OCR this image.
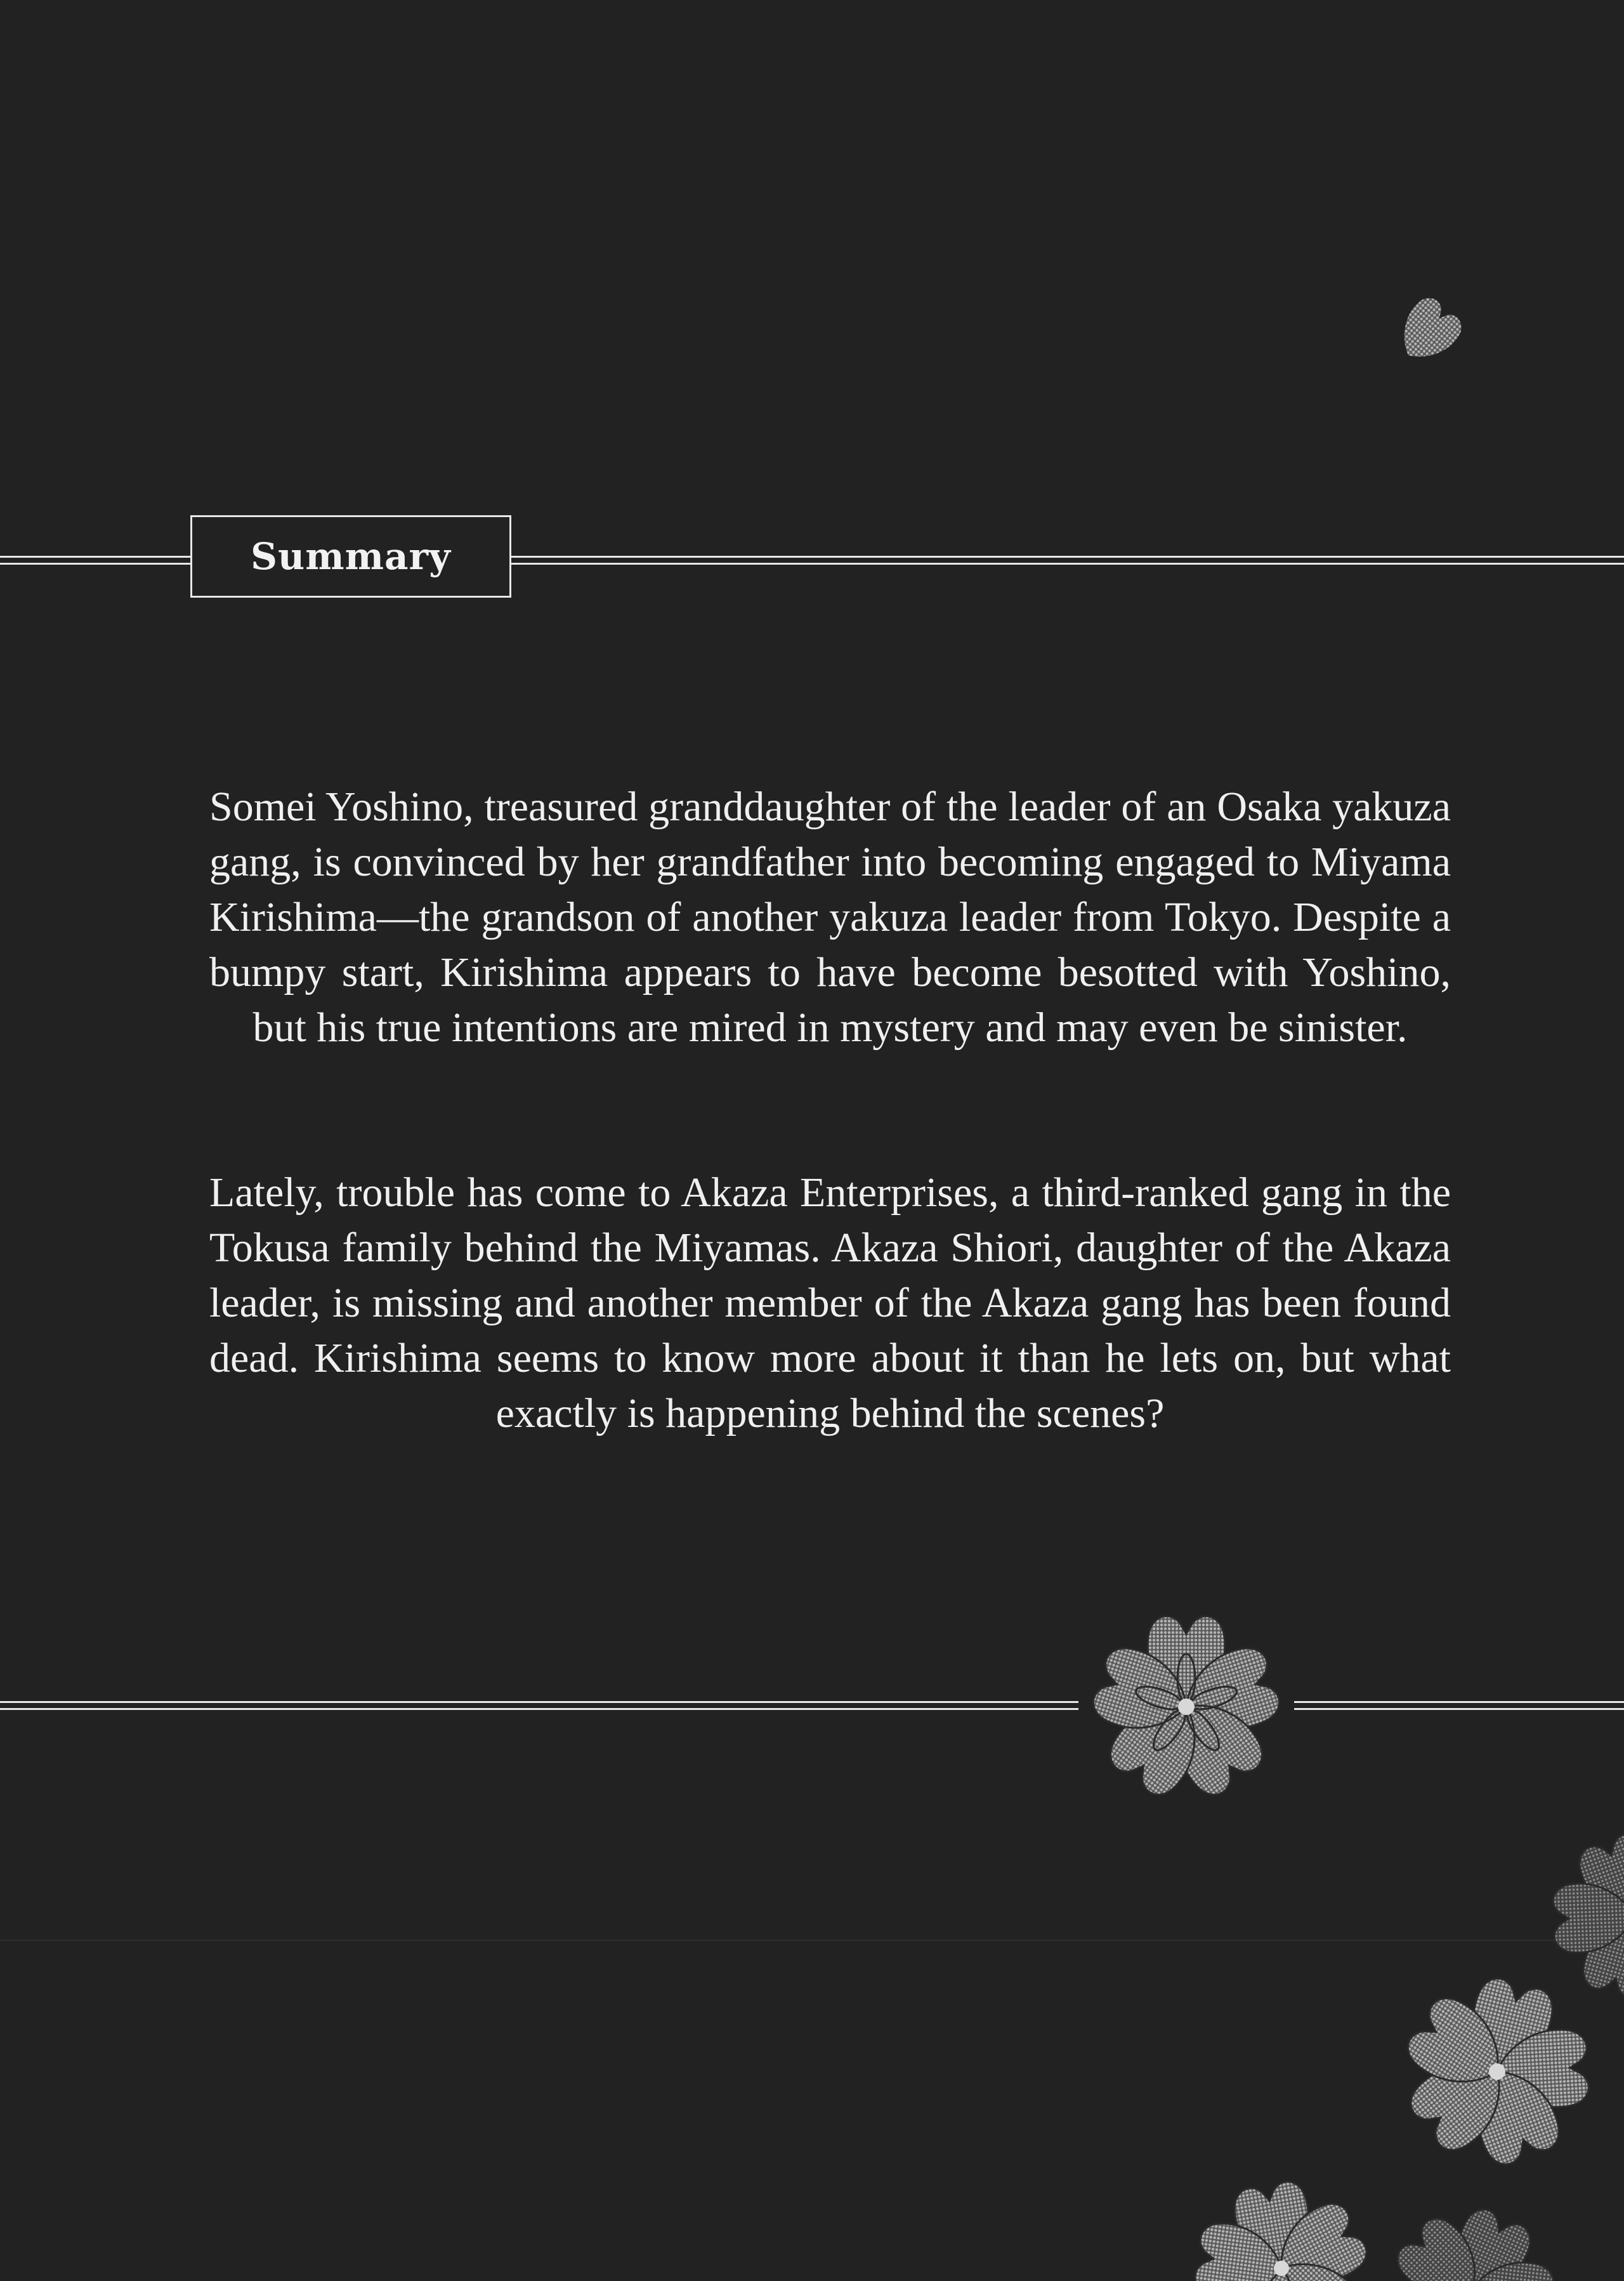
Summary

Somei Yoshino, treasured granddaughter of the leader of an Osaka yakuza gang, is convinced by her grandfather into becoming engaged to Miyama Kirishima—the grandson of another yakuza leader from Tokyo. Despite a bumpy start, Kirishima appears to have become besotted with Yoshino, but his true intentions are mired in mystery and may even be sinister.

Lately, trouble has come to Akaza Enterprises, a third-ranked gang in the Tokusa family behind the Miyamas. Akaza Shiori, daughter of the Akaza leader, is missing and another member of the Akaza gang has been found dead. Kirishima seems to know more about it than he lets on, but what exactly is happening behind the scenes?
